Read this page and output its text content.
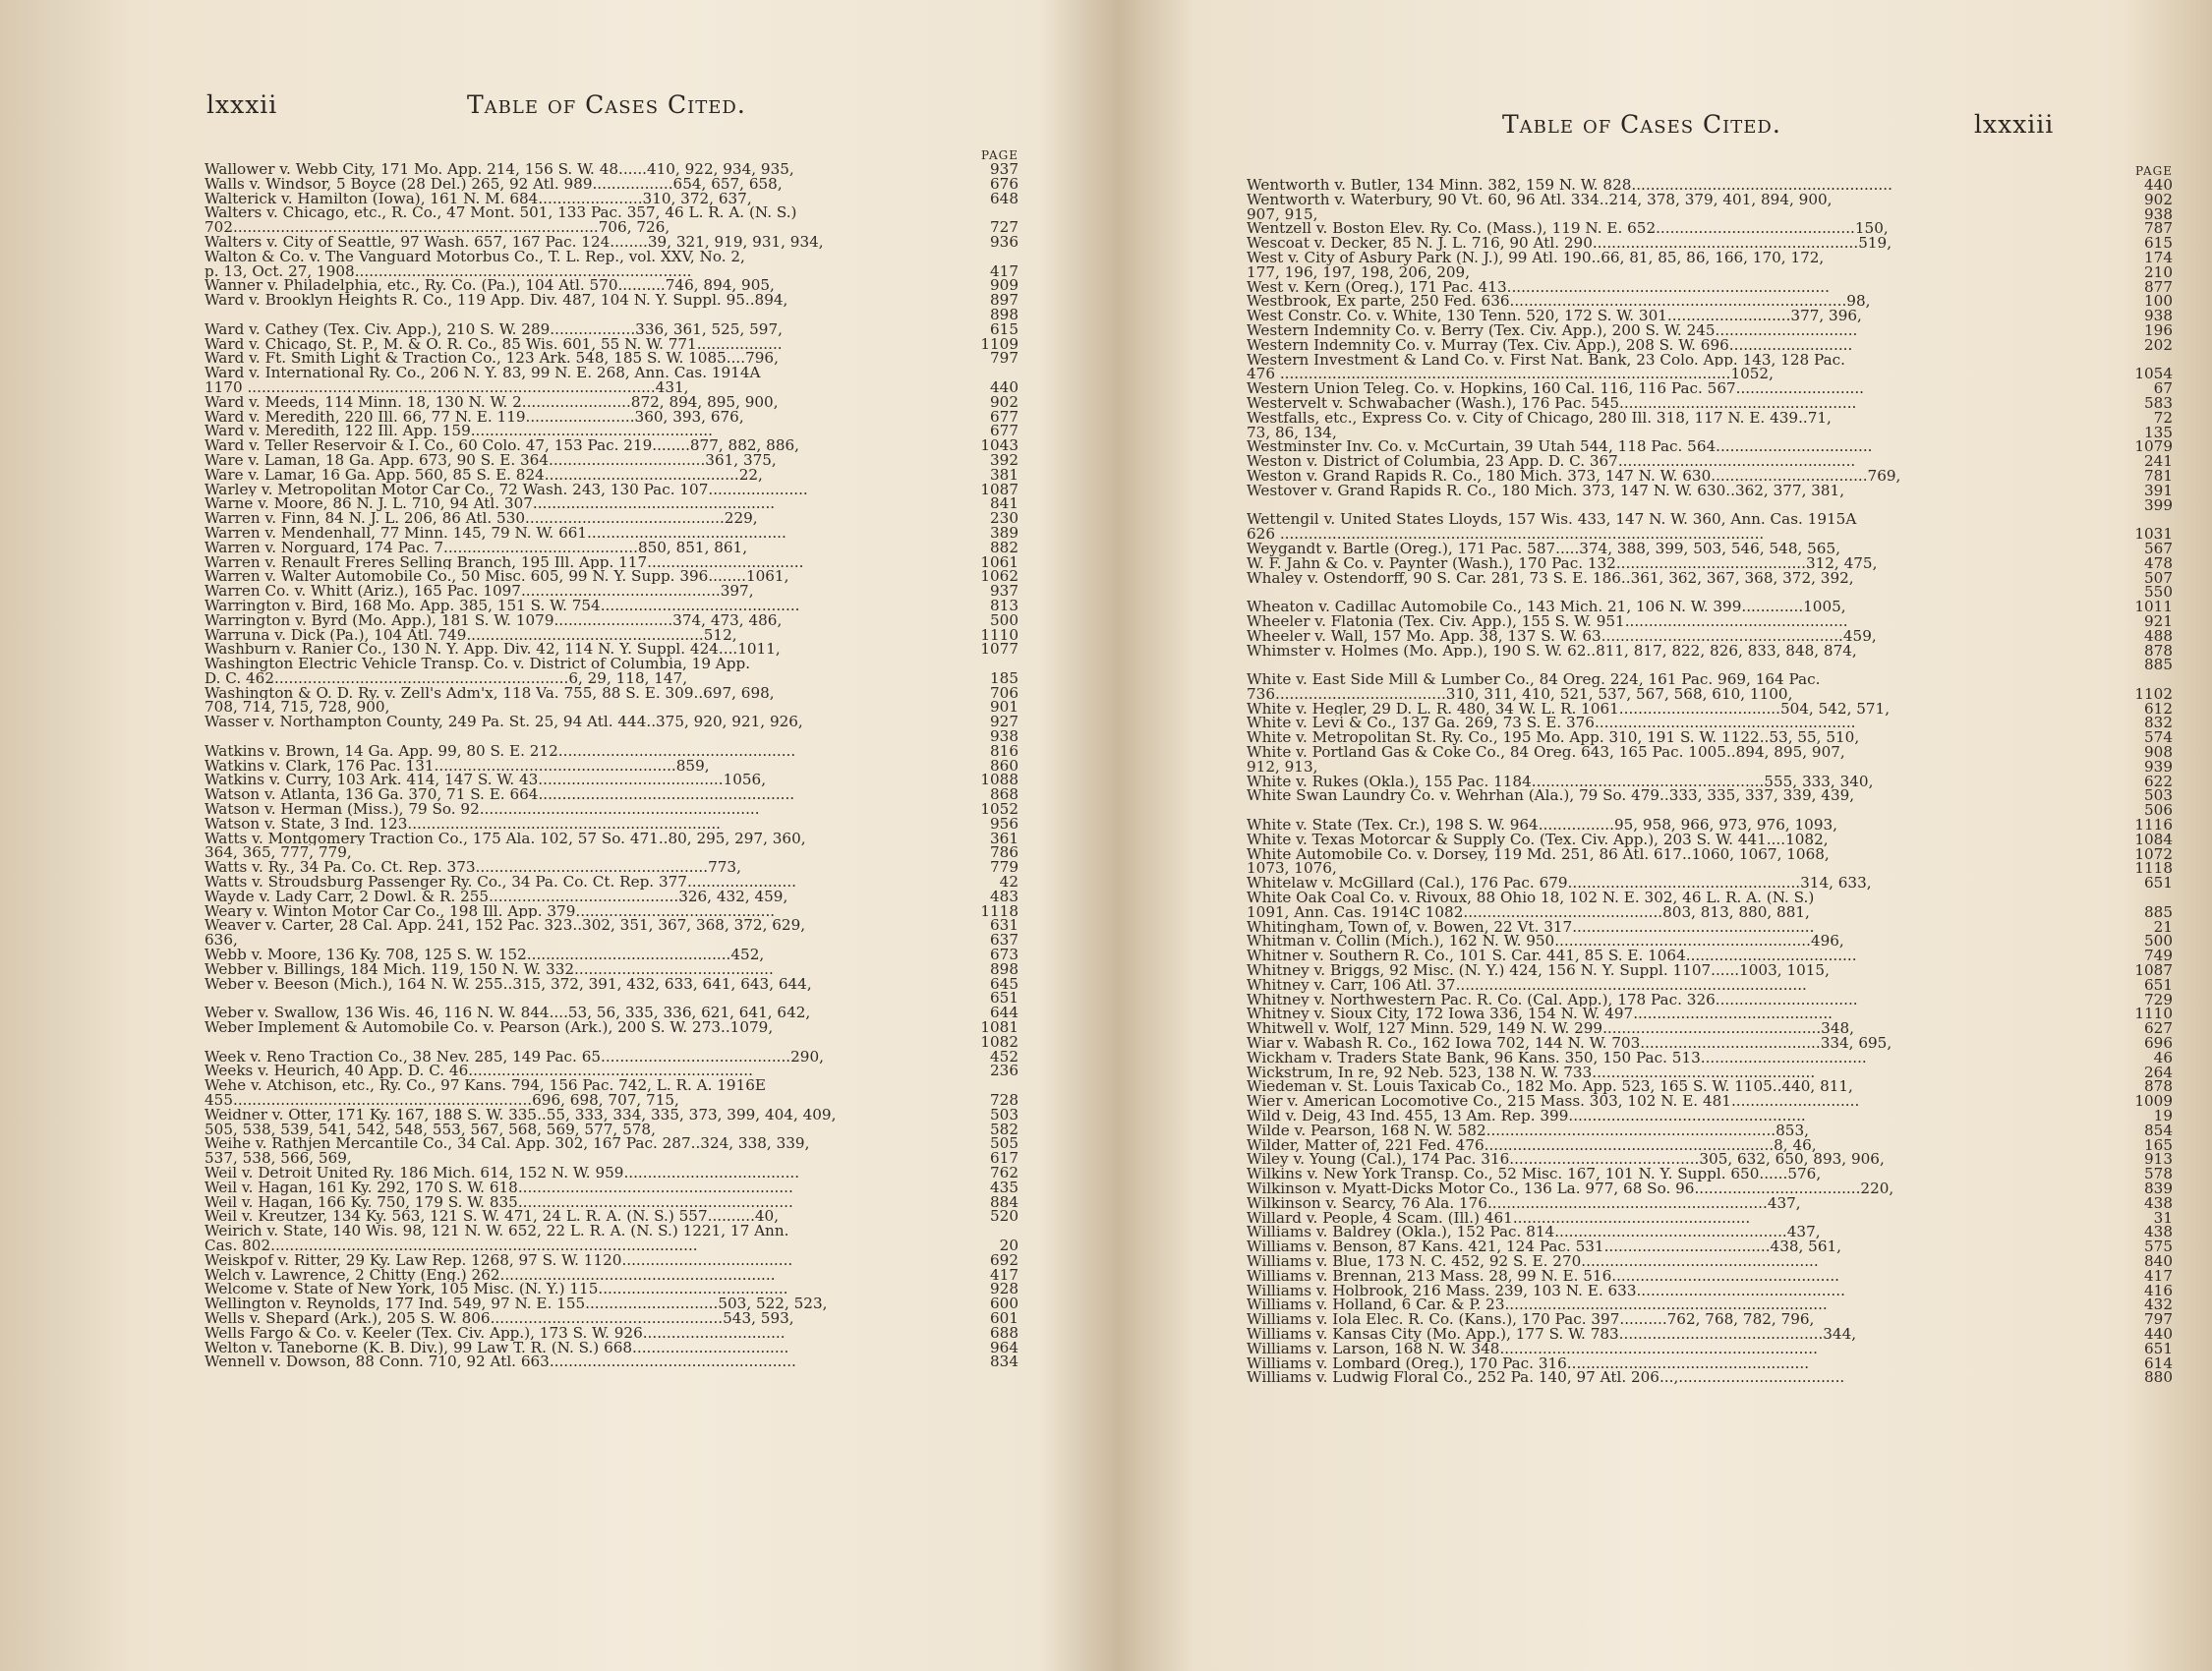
lxxxii	Table of Cases Cited.
PAGE
Wallower v. Webb City, 171 Mo. App. 214, 156 S. W. 48......410, 922, 934, 935,	937
Walls v. Windsor, 5 Boyce (28 Del.) 265, 92 Atl. 989.................654, 657, 658,	676
Walterick v. Hamilton (Iowa), 161 N. M. 684......................310, 372, 637,	648
Walters v. Chicago, etc., R. Co., 47 Mont. 501, 133 Pac. 357, 46 L. R. A. (N. S.)
702.............................................................................706, 726,	727
Walters v. City of Seattle, 97 Wash. 657, 167 Pac. 124........39, 321, 919, 931, 934,	936
Walton & Co. v. The Vanguard Motorbus Co., T. L. Rep., vol. XXV, No. 2,
p. 13, Oct. 27, 1908.......................................................................	417
Wanner v. Philadelphia, etc., Ry. Co. (Pa.), 104 Atl. 570..........746, 894, 905,	909
Ward v. Brooklyn Heights R. Co., 119 App. Div. 487, 104 N. Y. Suppl. 95..894,	897
898
Ward v. Cathey (Tex. Civ. App.), 210 S. W. 289..................336, 361, 525, 597,	615
Ward v. Chicago, St. P., M. & O. R. Co., 85 Wis. 601, 55 N. W. 771..................	1109
Ward v. Ft. Smith Light & Traction Co., 123 Ark. 548, 185 S. W. 1085....796,	797
Ward v. International Ry. Co., 206 N. Y. 83, 99 N. E. 268, Ann. Cas. 1914A
1170 ......................................................................................431,	440
Ward v. Meeds, 114 Minn. 18, 130 N. W. 2.......................872, 894, 895, 900,	902
Ward v. Meredith, 220 Ill. 66, 77 N. E. 119.......................360, 393, 676,	677
Ward v. Meredith, 122 Ill. App. 159...................................................	677
Ward v. Teller Reservoir & I. Co., 60 Colo. 47, 153 Pac. 219........877, 882, 886,	1043
Ware v. Laman, 18 Ga. App. 673, 90 S. E. 364.................................361, 375,	392
Ware v. Lamar, 16 Ga. App. 560, 85 S. E. 824.........................................22,	381
Warley v. Metropolitan Motor Car Co., 72 Wash. 243, 130 Pac. 107.....................	1087
Warne v. Moore, 86 N. J. L. 710, 94 Atl. 307...................................................	841
Warren v. Finn, 84 N. J. L. 206, 86 Atl. 530..........................................229,	230
Warren v. Mendenhall, 77 Minn. 145, 79 N. W. 661..........................................	389
Warren v. Norguard, 174 Pac. 7.........................................850, 851, 861,	882
Warren v. Renault Freres Selling Branch, 195 Ill. App. 117.................................	1061
Warren v. Walter Automobile Co., 50 Misc. 605, 99 N. Y. Supp. 396........1061,	1062
Warren Co. v. Whitt (Ariz.), 165 Pac. 1097..........................................397,	937
Warrington v. Bird, 168 Mo. App. 385, 151 S. W. 754..........................................	813
Warrington v. Byrd (Mo. App.), 181 S. W. 1079.........................374, 473, 486,	500
Warruna v. Dick (Pa.), 104 Atl. 749..................................................512,	1110
Washburn v. Ranier Co., 130 N. Y. App. Div. 42, 114 N. Y. Suppl. 424....1011,	1077
Washington Electric Vehicle Transp. Co. v. District of Columbia, 19 App.
D. C. 462..............................................................6, 29, 118, 147,	185
Washington & O. D. Ry. v. Zell's Adm'x, 118 Va. 755, 88 S. E. 309..697, 698,	706
708, 714, 715, 728, 900,	901
Wasser v. Northampton County, 249 Pa. St. 25, 94 Atl. 444..375, 920, 921, 926,	927
938
Watkins v. Brown, 14 Ga. App. 99, 80 S. E. 212..................................................	816
Watkins v. Clark, 176 Pac. 131...................................................859,	860
Watkins v. Curry, 103 Ark. 414, 147 S. W. 43.......................................1056,	1088
Watson v. Atlanta, 136 Ga. 370, 71 S. E. 664......................................................	868
Watson v. Herman (Miss.), 79 So. 92...........................................................	1052
Watson v. State, 3 Ind. 123..................................................................	956
Watts v. Montgomery Traction Co., 175 Ala. 102, 57 So. 471..80, 295, 297, 360,	361
364, 365, 777, 779,	786
Watts v. Ry., 34 Pa. Co. Ct. Rep. 373.................................................773,	779
Watts v. Stroudsburg Passenger Ry. Co., 34 Pa. Co. Ct. Rep. 377.......................	42
Wayde v. Lady Carr, 2 Dowl. & R. 255........................................326, 432, 459,	483
Weary v. Winton Motor Car Co., 198 Ill. App. 379..........................................	1118
Weaver v. Carter, 28 Cal. App. 241, 152 Pac. 323..302, 351, 367, 368, 372, 629,	631
636,	637
Webb v. Moore, 136 Ky. 708, 125 S. W. 152...........................................452,	673
Webber v. Billings, 184 Mich. 119, 150 N. W. 332..........................................	898
Weber v. Beeson (Mich.), 164 N. W. 255..315, 372, 391, 432, 633, 641, 643, 644,	645
651
Weber v. Swallow, 136 Wis. 46, 116 N. W. 844....53, 56, 335, 336, 621, 641, 642,	644
Weber Implement & Automobile Co. v. Pearson (Ark.), 200 S. W. 273..1079,	1081
1082
Week v. Reno Traction Co., 38 Nev. 285, 149 Pac. 65........................................290,	452
Weeks v. Heurich, 40 App. D. C. 46............................................................	236
Wehe v. Atchison, etc., Ry. Co., 97 Kans. 794, 156 Pac. 742, L. R. A. 1916E
455...............................................................696, 698, 707, 715,	728
Weidner v. Otter, 171 Ky. 167, 188 S. W. 335..55, 333, 334, 335, 373, 399, 404, 409,	503
505, 538, 539, 541, 542, 548, 553, 567, 568, 569, 577, 578,	582
Weihe v. Rathjen Mercantile Co., 34 Cal. App. 302, 167 Pac. 287..324, 338, 339,	505
537, 538, 566, 569,	617
Weil v. Detroit United Ry. 186 Mich. 614, 152 N. W. 959.....................................	762
Weil v. Hagan, 161 Ky. 292, 170 S. W. 618..........................................................	435
Weil v. Hagan, 166 Ky. 750, 179 S. W. 835..........................................................	884
Weil v. Kreutzer, 134 Ky. 563, 121 S. W. 471, 24 L. R. A. (N. S.) 557..........40,	520
Weirich v. State, 140 Wis. 98, 121 N. W. 652, 22 L. R. A. (N. S.) 1221, 17 Ann.
Cas. 802..........................................................................................	20
Weiskpof v. Ritter, 29 Ky. Law Rep. 1268, 97 S. W. 1120....................................	692
Welch v. Lawrence, 2 Chitty (Eng.) 262..........................................................	417
Welcome v. State of New York, 105 Misc. (N. Y.) 115........................................	928
Wellington v. Reynolds, 177 Ind. 549, 97 N. E. 155............................503, 522, 523,	600
Wells v. Shepard (Ark.), 205 S. W. 806.................................................543, 593,	601
Wells Fargo & Co. v. Keeler (Tex. Civ. App.), 173 S. W. 926..............................	688
Welton v. Taneborne (K. B. Div.), 99 Law T. R. (N. S.) 668.................................	964
Wennell v. Dowson, 88 Conn. 710, 92 Atl. 663....................................................	834
Table of Cases Cited.	lxxxiii
PAGE
Wentworth v. Butler, 134 Minn. 382, 159 N. W. 828.......................................................	440
Wentworth v. Waterbury, 90 Vt. 60, 96 Atl. 334..214, 378, 379, 401, 894, 900,	902
907, 915,	938
Wentzell v. Boston Elev. Ry. Co. (Mass.), 119 N. E. 652..........................................150,	787
Wescoat v. Decker, 85 N. J. L. 716, 90 Atl. 290........................................................519,	615
West v. City of Asbury Park (N. J.), 99 Atl. 190..66, 81, 85, 86, 166, 170, 172,	174
177, 196, 197, 198, 206, 209,	210
West v. Kern (Oreg.), 171 Pac. 413....................................................................	877
Westbrook, Ex parte, 250 Fed. 636.......................................................................98,	100
West Constr. Co. v. White, 130 Tenn. 520, 172 S. W. 301..........................377, 396,	938
Western Indemnity Co. v. Berry (Tex. Civ. App.), 200 S. W. 245..............................	196
Western Indemnity Co. v. Murray (Tex. Civ. App.), 208 S. W. 696..........................	202
Western Investment & Land Co. v. First Nat. Bank, 23 Colo. App. 143, 128 Pac.
476 ...............................................................................................1052,	1054
Western Union Teleg. Co. v. Hopkins, 160 Cal. 116, 116 Pac. 567...........................	67
Westervelt v. Schwabacher (Wash.), 176 Pac. 545..................................................	583
Westfalls, etc., Express Co. v. City of Chicago, 280 Ill. 318, 117 N. E. 439..71,	72
73, 86, 134,	135
Westminster Inv. Co. v. McCurtain, 39 Utah 544, 118 Pac. 564.................................	1079
Weston v. District of Columbia, 23 App. D. C. 367..................................................	241
Weston v. Grand Rapids R. Co., 180 Mich. 373, 147 N. W. 630.................................769,	781
Westover v. Grand Rapids R. Co., 180 Mich. 373, 147 N. W. 630..362, 377, 381,	391
399
Wettengil v. United States Lloyds, 157 Wis. 433, 147 N. W. 360, Ann. Cas. 1915A
626 ......................................................................................................	1031
Weygandt v. Bartle (Oreg.), 171 Pac. 587.....374, 388, 399, 503, 546, 548, 565,	567
W. F. Jahn & Co. v. Paynter (Wash.), 170 Pac. 132........................................312, 475,	478
Whaley v. Ostendorff, 90 S. Car. 281, 73 S. E. 186..361, 362, 367, 368, 372, 392,	507
550
Wheaton v. Cadillac Automobile Co., 143 Mich. 21, 106 N. W. 399.............1005,	1011
Wheeler v. Flatonia (Tex. Civ. App.), 155 S. W. 951...............................................	921
Wheeler v. Wall, 157 Mo. App. 38, 137 S. W. 63...................................................459,	488
Whimster v. Holmes (Mo. App.), 190 S. W. 62..811, 817, 822, 826, 833, 848, 874,	878
885
White v. East Side Mill & Lumber Co., 84 Oreg. 224, 161 Pac. 969, 164 Pac.
736....................................310, 311, 410, 521, 537, 567, 568, 610, 1100,	1102
White v. Hegler, 29 D. L. R. 480, 34 W. L. R. 1061..................................504, 542, 571,	612
White v. Levi & Co., 137 Ga. 269, 73 S. E. 376.......................................................	832
White v. Metropolitan St. Ry. Co., 195 Mo. App. 310, 191 S. W. 1122..53, 55, 510,	574
White v. Portland Gas & Coke Co., 84 Oreg. 643, 165 Pac. 1005..894, 895, 907,	908
912, 913,	939
White v. Rukes (Okla.), 155 Pac. 1184.................................................555, 333, 340,	622
White Swan Laundry Co. v. Wehrhan (Ala.), 79 So. 479..333, 335, 337, 339, 439,	503
506
White v. State (Tex. Cr.), 198 S. W. 964................95, 958, 966, 973, 976, 1093,	1116
White v. Texas Motorcar & Supply Co. (Tex. Civ. App.), 203 S. W. 441....1082,	1084
White Automobile Co. v. Dorsey, 119 Md. 251, 86 Atl. 617..1060, 1067, 1068,	1072
1073, 1076,	1118
Whitelaw v. McGillard (Cal.), 176 Pac. 679.................................................314, 633,	651
White Oak Coal Co. v. Rivoux, 88 Ohio 18, 102 N. E. 302, 46 L. R. A. (N. S.)
1091, Ann. Cas. 1914C 1082..........................................803, 813, 880, 881,	885
Whitingham, Town of, v. Bowen, 22 Vt. 317...................................................	21
Whitman v. Collin (Mich.), 162 N. W. 950......................................................496,	500
Whitner v. Southern R. Co., 101 S. Car. 441, 85 S. E. 1064....................................	749
Whitney v. Briggs, 92 Misc. (N. Y.) 424, 156 N. Y. Suppl. 1107......1003, 1015,	1087
Whitney v. Carr, 106 Atl. 37..........................................................................	651
Whitney v. Northwestern Pac. R. Co. (Cal. App.), 178 Pac. 326..............................	729
Whitney v. Sioux City, 172 Iowa 336, 154 N. W. 497..........................................	1110
Whitwell v. Wolf, 127 Minn. 529, 149 N. W. 299..............................................348,	627
Wiar v. Wabash R. Co., 162 Iowa 702, 144 N. W. 703......................................334, 695,	696
Wickham v. Traders State Bank, 96 Kans. 350, 150 Pac. 513...................................	46
Wickstrum, In re, 92 Neb. 523, 138 N. W. 733...............................................	264
Wiedeman v. St. Louis Taxicab Co., 182 Mo. App. 523, 165 S. W. 1105..440, 811,	878
Wier v. American Locomotive Co., 215 Mass. 303, 102 N. E. 481...........................	1009
Wild v. Deig, 43 Ind. 455, 13 Am. Rep. 399..................................................	19
Wilde v. Pearson, 168 N. W. 582.............................................................853,	854
Wilder, Matter of, 221 Fed. 476.............................................................8, 46,	165
Wiley v. Young (Cal.), 174 Pac. 316........................................305, 632, 650, 893, 906,	913
Wilkins v. New York Transp. Co., 52 Misc. 167, 101 N. Y. Suppl. 650......576,	578
Wilkinson v. Myatt-Dicks Motor Co., 136 La. 977, 68 So. 96...................................220,	839
Wilkinson v. Searcy, 76 Ala. 176...........................................................437,	438
Willard v. People, 4 Scam. (Ill.) 461..................................................	31
Williams v. Baldrey (Okla.), 152 Pac. 814.................................................437,	438
Williams v. Benson, 87 Kans. 421, 124 Pac. 531...................................438, 561,	575
Williams v. Blue, 173 N. C. 452, 92 S. E. 270..................................................	840
Williams v. Brennan, 213 Mass. 28, 99 N. E. 516................................................	417
Williams v. Holbrook, 216 Mass. 239, 103 N. E. 633............................................	416
Williams v. Holland, 6 Car. & P. 23....................................................................	432
Williams v. Iola Elec. R. Co. (Kans.), 170 Pac. 397..........762, 768, 782, 796,	797
Williams v. Kansas City (Mo. App.), 177 S. W. 783...........................................344,	440
Williams v. Larson, 168 N. W. 348...................................................................	651
Williams v. Lombard (Oreg.), 170 Pac. 316...................................................	614
Williams v. Ludwig Floral Co., 252 Pa. 140, 97 Atl. 206...,...................................	880
